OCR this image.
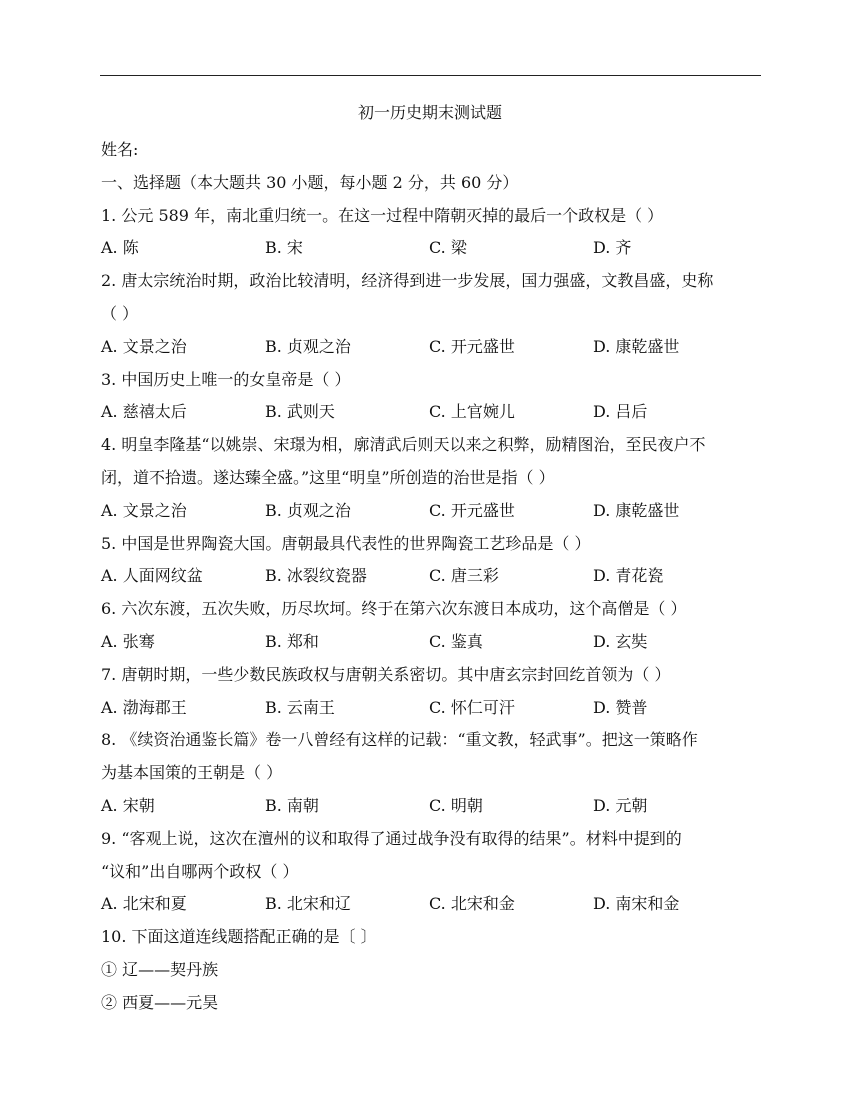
初一历史期末测试题
姓名:
一、选择题（本大题共 30 小题，每小题 2 分，共 60 分）
1. 公元 589 年，南北重归统一。在这一过程中隋朝灭掉的最后一个政权是（ ）
A. 陈	B. 宋	C. 梁	D. 齐
2. 唐太宗统治时期，政治比较清明，经济得到进一步发展，国力强盛，文教昌盛，史称
（ ）
A. 文景之治	B. 贞观之治	C. 开元盛世	D. 康乾盛世
3. 中国历史上唯一的女皇帝是（ ）
A. 慈禧太后	B. 武则天	C. 上官婉儿	D. 吕后
4. 明皇李隆基“以姚崇、宋璟为相，廓清武后则天以来之积弊，励精图治，至民夜户不
闭，道不拾遗。遂达臻全盛。”这里“明皇”所创造的治世是指（ ）
A. 文景之治	B. 贞观之治	C. 开元盛世	D. 康乾盛世
5. 中国是世界陶瓷大国。唐朝最具代表性的世界陶瓷工艺珍品是（ ）
A. 人面网纹盆	B. 冰裂纹瓷器	C. 唐三彩	D. 青花瓷
6. 六次东渡，五次失败，历尽坎坷。终于在第六次东渡日本成功，这个高僧是（ ）
A. 张骞	B. 郑和	C. 鉴真	D. 玄奘
7. 唐朝时期，一些少数民族政权与唐朝关系密切。其中唐玄宗封回纥首领为（ ）
A. 渤海郡王	B. 云南王	C. 怀仁可汗	D. 赞普
8. 《续资治通鉴长篇》卷一八曾经有这样的记载：“重文教，轻武事”。把这一策略作
为基本国策的王朝是（ ）
A. 宋朝	B. 南朝	C. 明朝	D. 元朝
9. “客观上说，这次在澶州的议和取得了通过战争没有取得的结果”。材料中提到的
“议和”出自哪两个政权（ ）
A. 北宋和夏	B. 北宋和辽	C. 北宋和金	D. 南宋和金
10. 下面这道连线题搭配正确的是〔 〕
① 辽——契丹族
② 西夏——元昊
